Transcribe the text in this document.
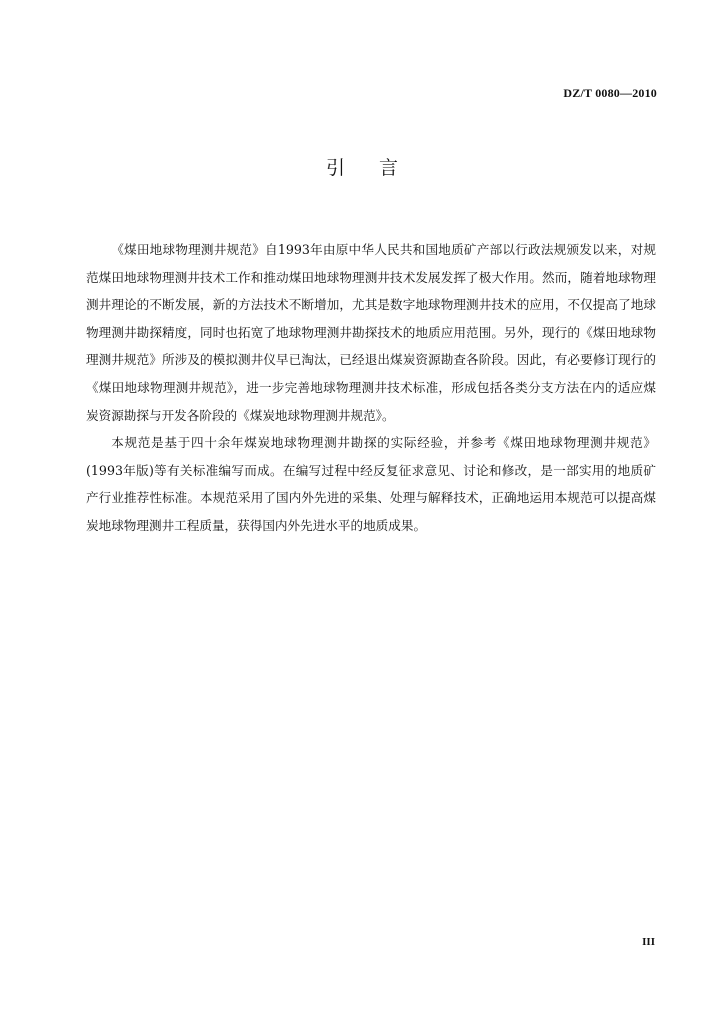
DZ/T 0080—2010
引言

《煤田地球物理测井规范》自1993年由原中华人民共和国地质矿产部以行政法规颁发以来，对规范煤田地球物理测井技术工作和推动煤田地球物理测井技术发展发挥了极大作用。然而，随着地球物理测井理论的不断发展，新的方法技术不断增加，尤其是数字地球物理测井技术的应用，不仅提高了地球物理测井勘探精度，同时也拓宽了地球物理测井勘探技术的地质应用范围。另外，现行的《煤田地球物理测井规范》所涉及的模拟测井仪早已淘汰，已经退出煤炭资源勘查各阶段。因此，有必要修订现行的《煤田地球物理测井规范》，进一步完善地球物理测井技术标准，形成包括各类分支方法在内的适应煤炭资源勘探与开发各阶段的《煤炭地球物理测井规范》。

本规范是基于四十余年煤炭地球物理测井勘探的实际经验，并参考《煤田地球物理测井规范》(1993年版)等有关标准编写而成。在编写过程中经反复征求意见、讨论和修改，是一部实用的地质矿产行业推荐性标准。本规范采用了国内外先进的采集、处理与解释技术，正确地运用本规范可以提高煤炭地球物理测井工程质量，获得国内外先进水平的地质成果。

III
